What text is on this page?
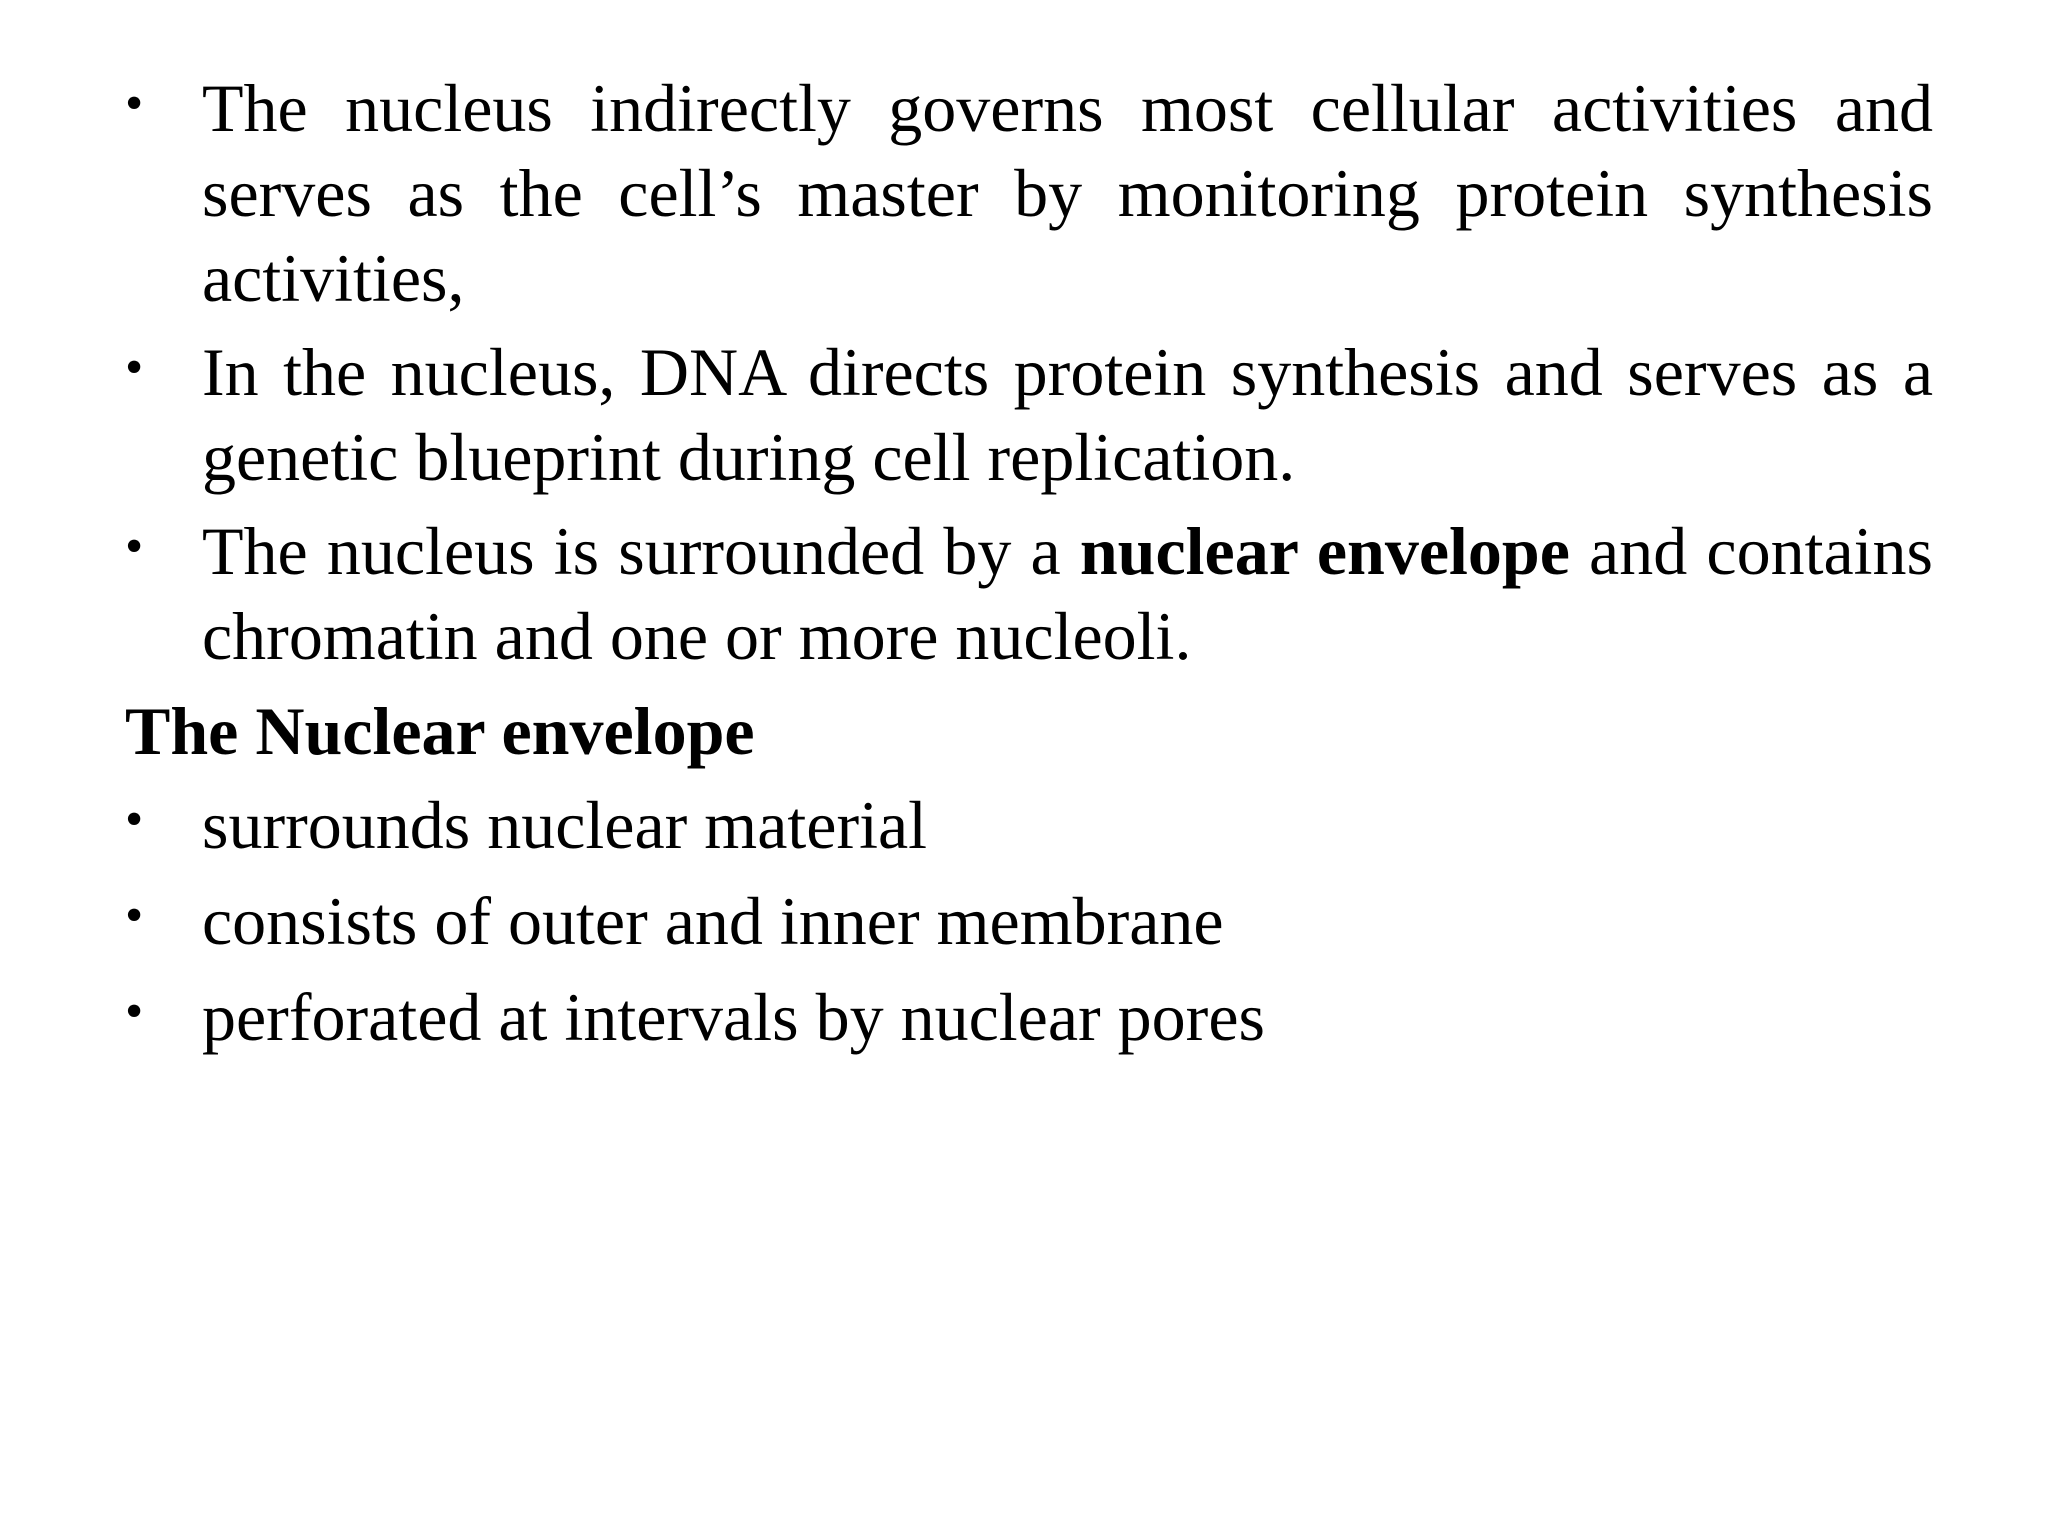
• The nucleus indirectly governs most cellular activities and serves as the cell’s master by monitoring protein synthesis activities,
• In the nucleus, DNA directs protein synthesis and serves as a genetic blueprint during cell replication.
• The nucleus is surrounded by a nuclear envelope and contains chromatin and one or more nucleoli.
The Nuclear envelope
• surrounds nuclear material
• consists of outer and inner membrane
• perforated at intervals by nuclear pores
